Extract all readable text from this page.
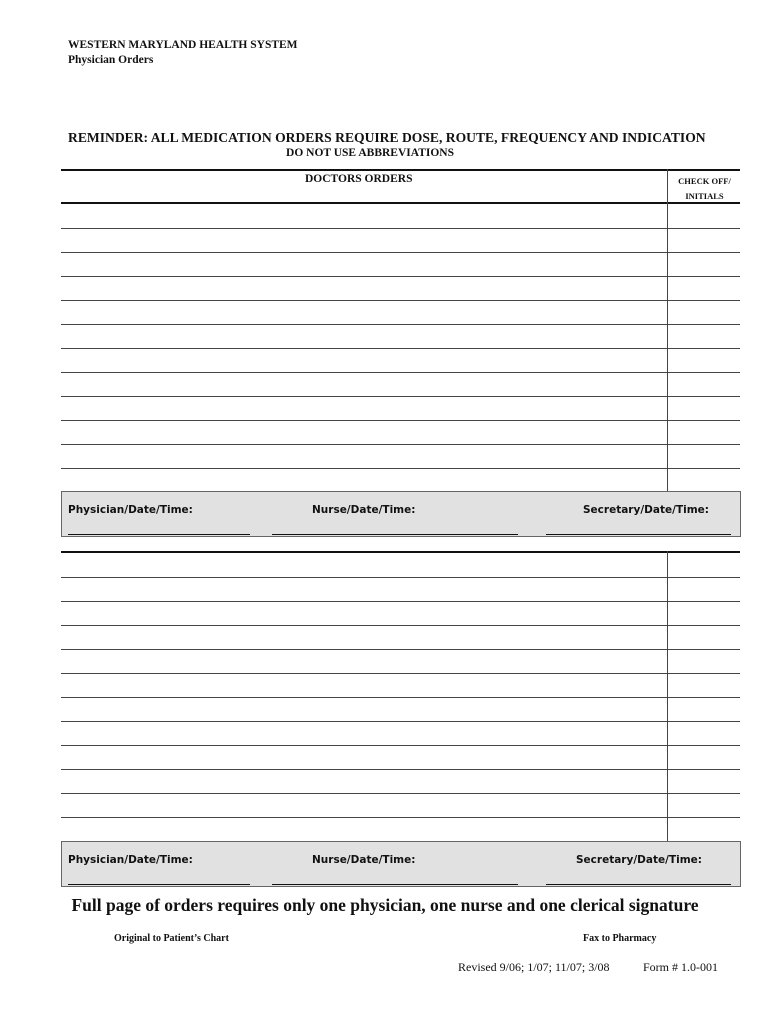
WESTERN MARYLAND HEALTH SYSTEM
Physician Orders
REMINDER: ALL MEDICATION ORDERS REQUIRE DOSE, ROUTE, FREQUENCY AND INDICATION
DO NOT USE ABBREVIATIONS
DOCTORS ORDERS	CHECK OFF/
INITIALS
Physician/Date/Time:	Nurse/Date/Time:	Secretary/Date/Time:
Physician/Date/Time:	Nurse/Date/Time:	Secretary/Date/Time:
Full page of orders requires only one physician, one nurse and one clerical signature
Original to Patient’s Chart	Fax to Pharmacy
Revised 9/06; 1/07; 11/07; 3/08	Form # 1.0-001
